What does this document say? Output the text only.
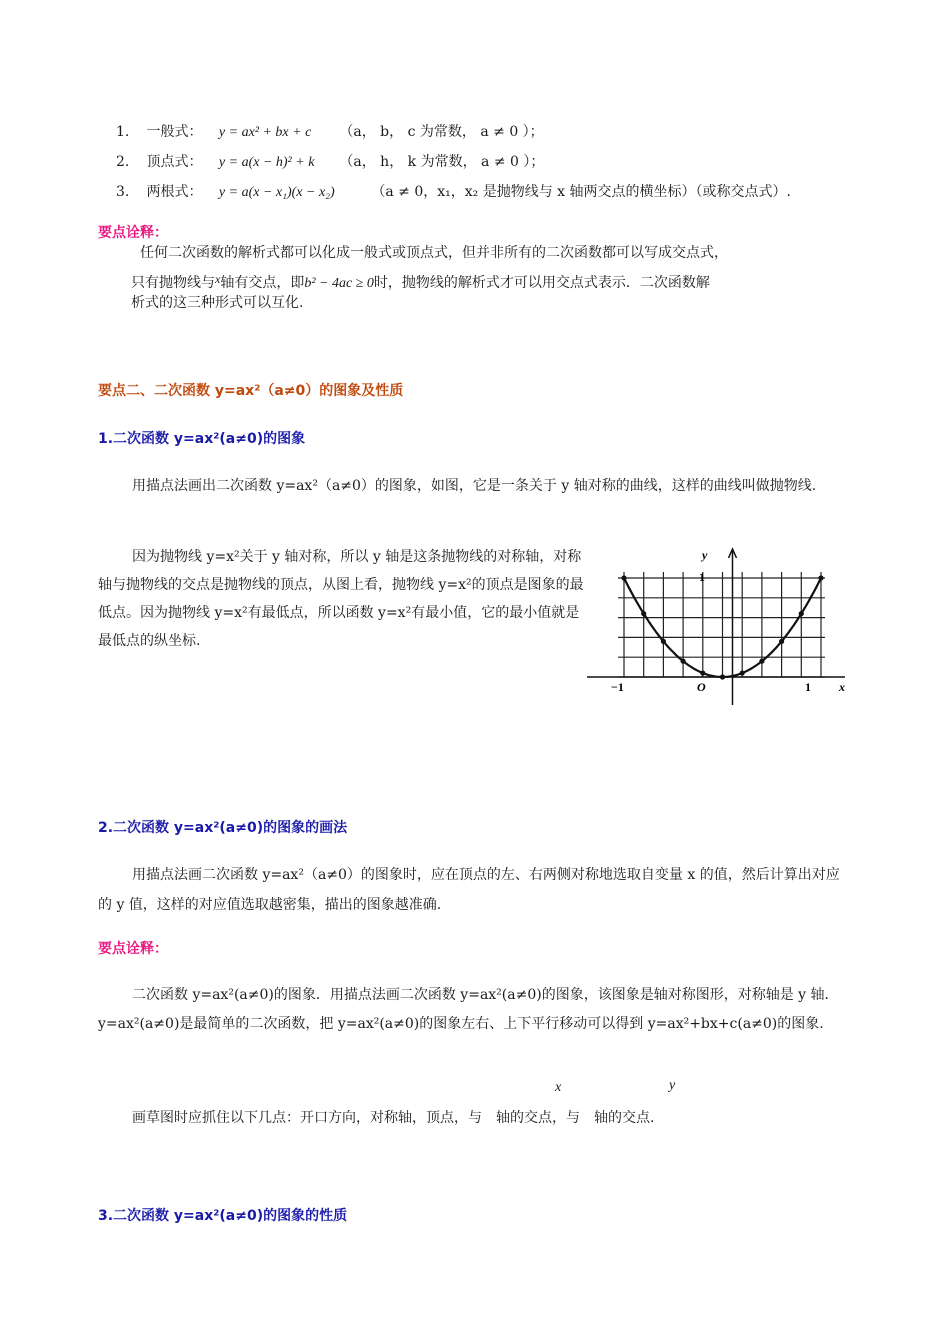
1. 一般式： y = ax² + bx + c （a， b， c 为常数， a ≠ 0 ）；
2. 顶点式： y = a(x − h)² + k （a， h， k 为常数， a ≠ 0 ）；
3. 两根式： y = a(x − x₁)(x − x₂)	（a ≠ 0，x₁，x₂ 是抛物线与 x 轴两交点的横坐标）（或称交点式）.
要点诠释：
任何二次函数的解析式都可以化成一般式或顶点式，但并非所有的二次函数都可以写成交点式，
只有抛物线与x轴有交点，即b² − 4ac ≥ 0时，抛物线的解析式才可以用交点式表示．二次函数解
析式的这三种形式可以互化.
要点二、二次函数 y=ax²（a≠0）的图象及性质
1.二次函数 y=ax²(a≠0)的图象
用描点法画出二次函数 y=ax²（a≠0）的图象，如图，它是一条关于 y 轴对称的曲线，这样的曲线叫做抛物线.
因为抛物线 y=x²关于 y 轴对称，所以 y 轴是这条抛物线的对称轴，对称轴与抛物线的交点是抛物线的顶点，从图上看，抛物线 y=x²的顶点是图象的最低点。因为抛物线 y=x²有最低点，所以函数 y=x²有最小值，它的最小值就是最低点的纵坐标.
y
x
O
−1	1
1
2.二次函数 y=ax²(a≠0)的图象的画法
用描点法画二次函数 y=ax²（a≠0）的图象时，应在顶点的左、右两侧对称地选取自变量 x 的值，然后计算出对应的 y 值，这样的对应值选取越密集，描出的图象越准确.
要点诠释：
二次函数 y=ax²(a≠0)的图象．用描点法画二次函数 y=ax²(a≠0)的图象，该图象是轴对称图形，对称轴是 y 轴． y=ax²(a≠0)是最简单的二次函数，把 y=ax²(a≠0)的图象左右、上下平行移动可以得到 y=ax²+bx+c(a≠0)的图象.
x	y
画草图时应抓住以下几点：开口方向，对称轴，顶点，与　轴的交点，与　轴的交点.
3.二次函数 y=ax²(a≠0)的图象的性质
